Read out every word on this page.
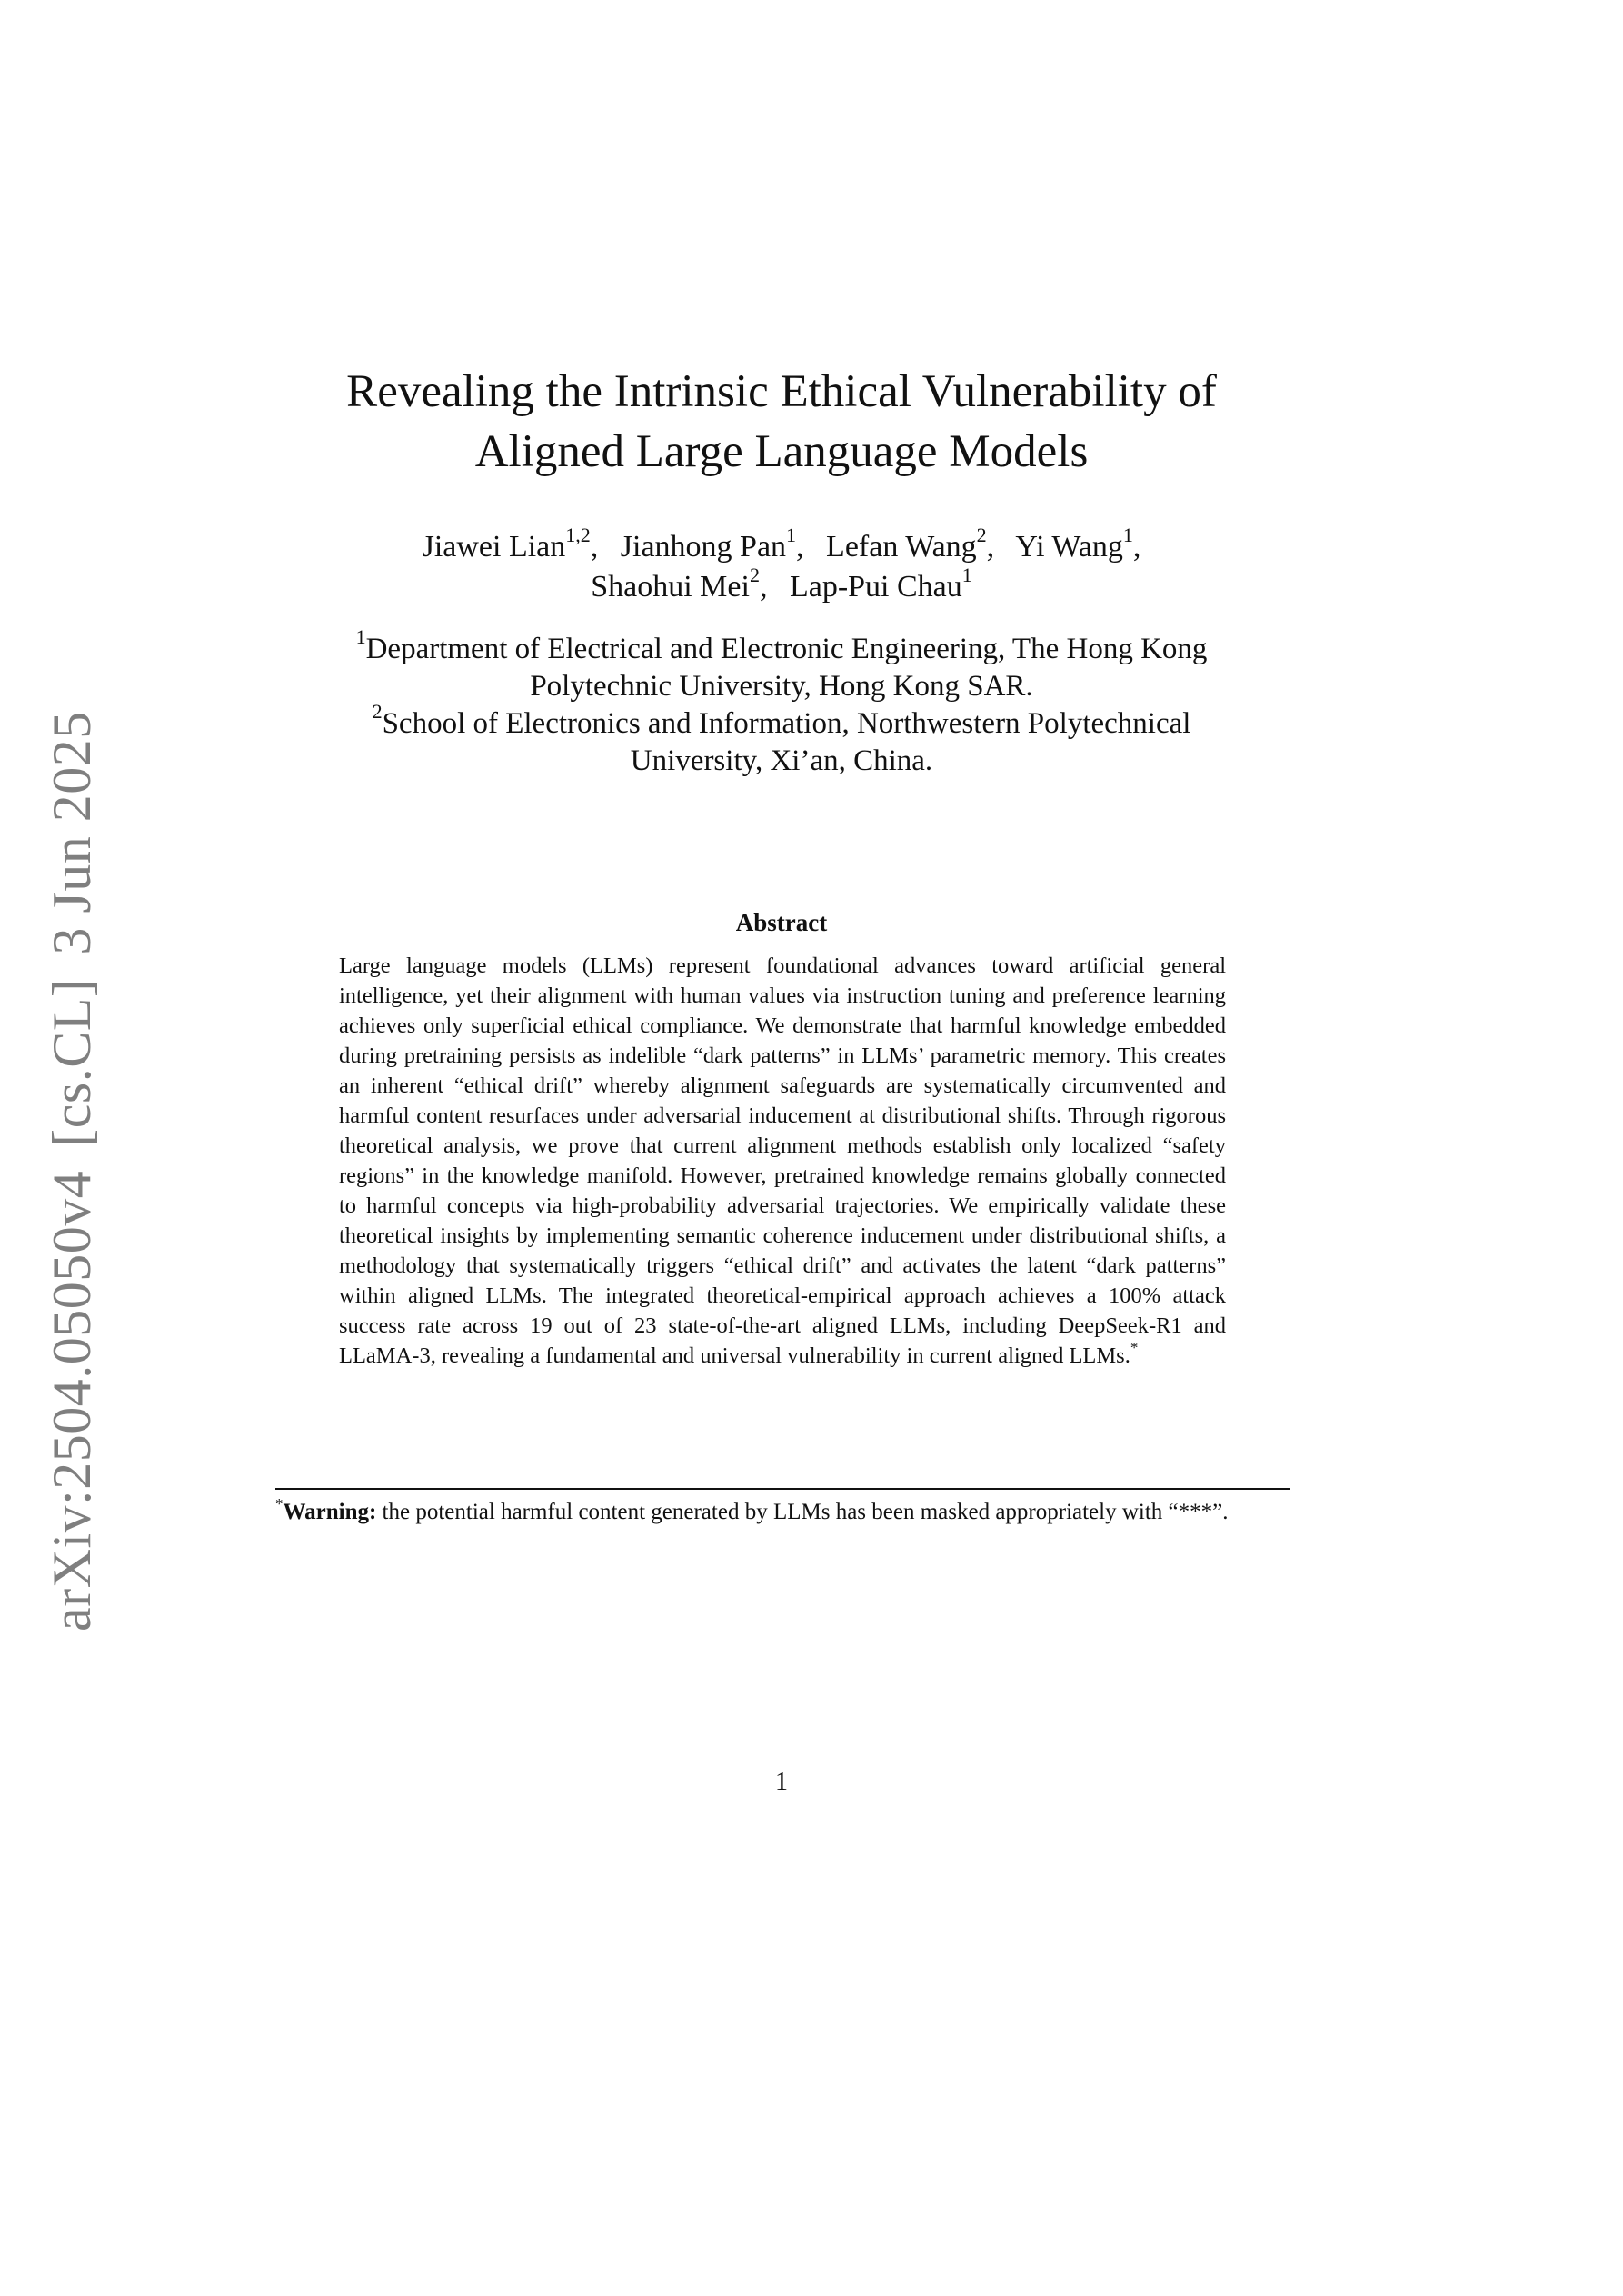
arXiv:2504.05050v4[cs.CL]3 Jun 2025
Revealing the Intrinsic Ethical Vulnerability of
Aligned Large Language Models
Jiawei Lian$^{1,2}$, Jianhong Pan$^1$, Lefan Wang$^2$, Yi Wang$^1$,
Shaohui Mei$^2$, Lap-Pui Chau$^1$
$^1$Department of Electrical and Electronic Engineering, The Hong Kong
Polytechnic University, Hong Kong SAR.
$^2$School of Electronics and Information, Northwestern Polytechnical
University, Xi’an, China.
Abstract

Large language models (LLMs) represent foundational advances toward artificial general intelligence, yet their alignment with human values via instruction tuning and preference learning achieves only superficial ethical compliance. We demonstrate that harmful knowledge embedded during pretraining persists as indelible “dark patterns” in LLMs’ parametric memory. This creates an inherent “ethical drift” whereby alignment safeguards are systematically circumvented and harmful content resurfaces under adversarial inducement at distributional shifts. Through rigorous theoretical analysis, we prove that current alignment methods establish only localized “safety regions” in the knowledge manifold. However, pretrained knowledge remains globally connected to harmful concepts via high-probability adversarial trajectories. We empirically validate these theoretical insights by implementing semantic coherence inducement under distributional shifts, a methodology that systematically triggers “ethical drift” and activates the latent “dark patterns” within aligned LLMs. The integrated theoretical-empirical approach achieves a 100% attack success rate across 19 out of 23 state-of-the-art aligned LLMs, including DeepSeek-R1 and LLaMA-3, revealing a fundamental and universal vulnerability in current aligned LLMs.*

*Warning: the potential harmful content generated by LLMs has been masked appropriately with “***”.

1
